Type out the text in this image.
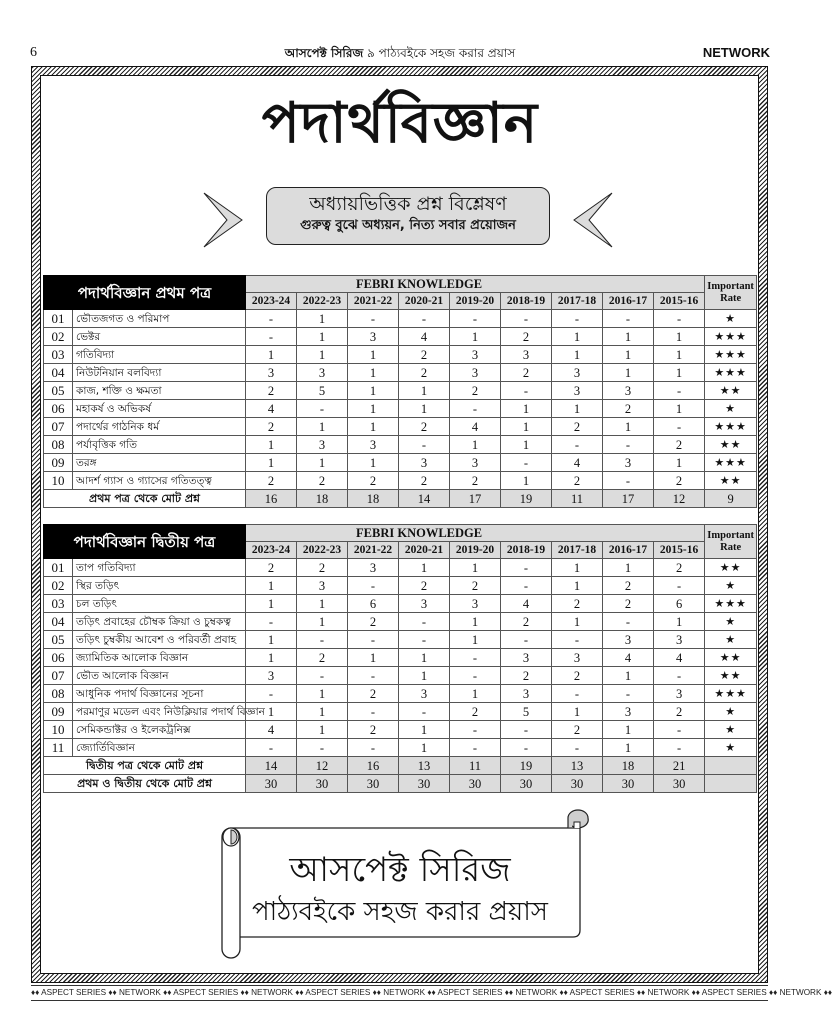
6	আসপেক্ট সিরিজ ৯ পাঠ্যবইকে সহজ করার প্রয়াস	NETWORK
পদার্থবিজ্ঞান
অধ্যায়ভিত্তিক প্রশ্ন বিশ্লেষণ
গুরুত্ব বুঝে অধ্যয়ন, নিত্য সবার প্রয়োজন
পদার্থবিজ্ঞান প্রথম পত্র		FEBRI KNOWLEDGE									Important Rate
		2023-24	2022-23	2021-22	2020-21	2019-20	2018-19	2017-18	2016-17	2015-16	
01	ভৌতজগত ও পরিমাপ	-	1	-	-	-	-	-	-	-	★
02	ভেক্টর	-	1	3	4	1	2	1	1	1	★★★
03	গতিবিদ্যা	1	1	1	2	3	3	1	1	1	★★★
04	নিউটনিয়ান বলবিদ্যা	3	3	1	2	3	2	3	1	1	★★★
05	কাজ, শক্তি ও ক্ষমতা	2	5	1	1	2	-	3	3	-	★★
06	মহাকর্ষ ও অভিকর্ষ	4	-	1	1	-	1	1	2	1	★
07	পদার্থের গাঠনিক ধর্ম	2	1	1	2	4	1	2	1	-	★★★
08	পর্যাবৃত্তিক গতি	1	3	3	-	1	1	-	-	2	★★
09	তরঙ্গ	1	1	1	3	3	-	4	3	1	★★★
10	আদর্শ গ্যাস ও গ্যাসের গতিতত্ত্ব	2	2	2	2	2	1	2	-	2	★★
প্রথম পত্র থেকে মোট প্রশ্ন		16	18	18	14	17	19	11	17	12	9
পদার্থবিজ্ঞান দ্বিতীয় পত্র		FEBRI KNOWLEDGE									Important Rate
		2023-24	2022-23	2021-22	2020-21	2019-20	2018-19	2017-18	2016-17	2015-16	
01	তাপ গতিবিদ্যা	2	2	3	1	1	-	1	1	2	★★
02	স্থির তড়িৎ	1	3	-	2	2	-	1	2	-	★
03	চল তড়িৎ	1	1	6	3	3	4	2	2	6	★★★
04	তড়িৎ প্রবাহের চৌম্বক ক্রিয়া ও চুম্বকত্ব	-	1	2	-	1	2	1	-	1	★
05	তড়িৎ চুম্বকীয় আবেশ ও পরিবর্তী প্রবাহ	1	-	-	-	1	-	-	3	3	★
06	জ্যামিতিক আলোক বিজ্ঞান	1	2	1	1	-	3	3	4	4	★★
07	ভৌত আলোক বিজ্ঞান	3	-	-	1	-	2	2	1	-	★★
08	আধুনিক পদার্থ বিজ্ঞানের সূচনা	-	1	2	3	1	3	-	-	3	★★★
09	পরমাণুর মডেল এবং নিউক্লিয়ার পদার্থ বিজ্ঞান	1	1	-	-	2	5	1	3	2	★
10	সেমিকন্ডাক্টর ও ইলেকট্রনিক্স	4	1	2	1	-	-	2	1	-	★
11	জ্যোর্তিবিজ্ঞান	-	-	-	1	-	-	-	1	-	★
দ্বিতীয় পত্র থেকে মোট প্রশ্ন		14	12	16	13	11	19	13	18	21	
প্রথম ও দ্বিতীয় থেকে মোট প্রশ্ন		30	30	30	30	30	30	30	30	30	
আসপেক্ট সিরিজ
পাঠ্যবইকে সহজ করার প্রয়াস
♦♦ ASPECT SERIES ♦♦ NETWORK ♦♦ ASPECT SERIES ♦♦ NETWORK ♦♦ ASPECT SERIES ♦♦ NETWORK ♦♦ ASPECT SERIES ♦♦ NETWORK ♦♦ ASPECT SERIES ♦♦ NETWORK ♦♦ ASPECT SERIES ♦♦ NETWORK ♦♦
